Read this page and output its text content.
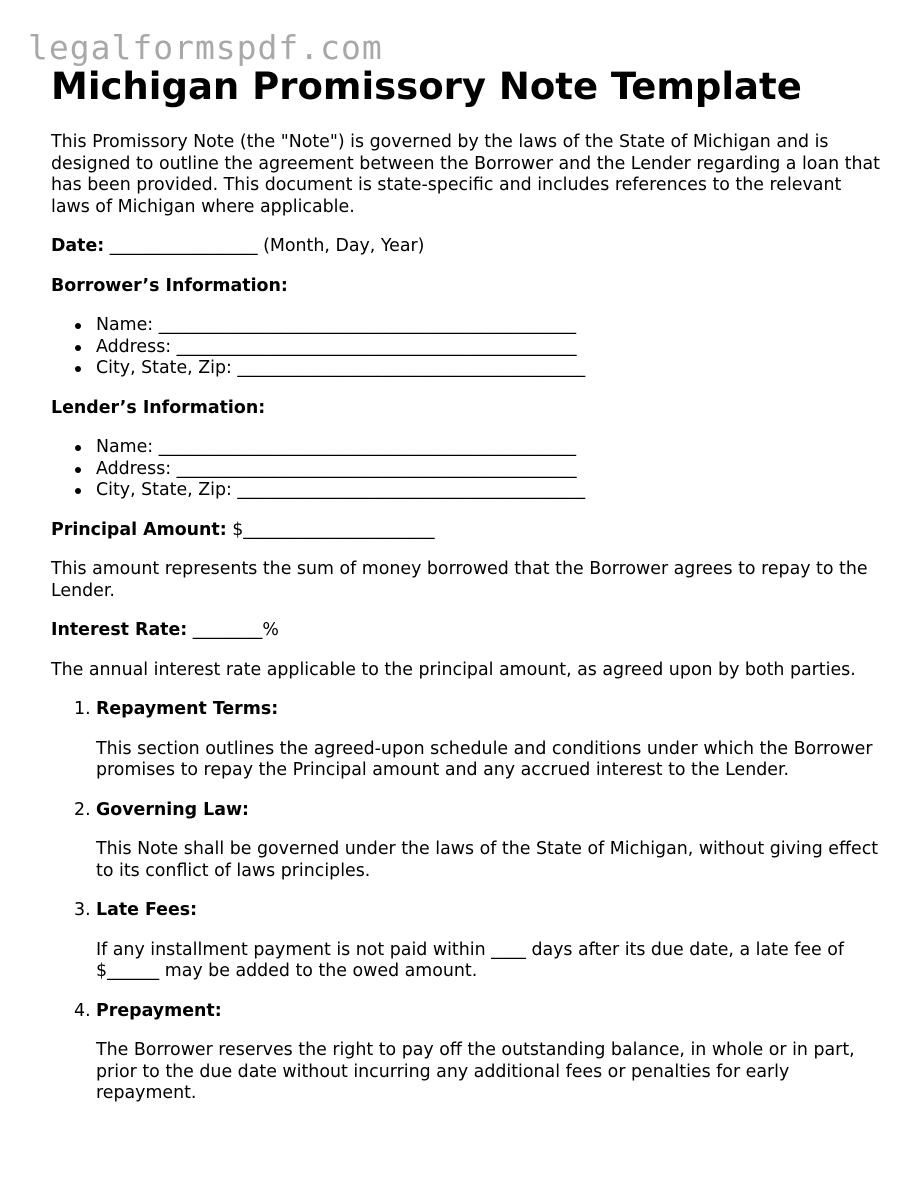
legalformspdf.com
Michigan Promissory Note Template

This Promissory Note (the "Note") is governed by the laws of the State of Michigan and is designed to outline the agreement between the Borrower and the Lender regarding a loan that has been provided. This document is state-specific and includes references to the relevant laws of Michigan where applicable.

Date: _________________ (Month, Day, Year)

Borrower’s Information:

Name: ________________________________________________
Address: ______________________________________________
City, State, Zip: ________________________________________

Lender’s Information:

Name: ________________________________________________
Address: ______________________________________________
City, State, Zip: ________________________________________

Principal Amount: $______________________

This amount represents the sum of money borrowed that the Borrower agrees to repay to the Lender.

Interest Rate: ________%

The annual interest rate applicable to the principal amount, as agreed upon by both parties.

1. Repayment Terms:
This section outlines the agreed-upon schedule and conditions under which the Borrower promises to repay the Principal amount and any accrued interest to the Lender.
2. Governing Law:
This Note shall be governed under the laws of the State of Michigan, without giving effect to its conflict of laws principles.
3. Late Fees:
If any installment payment is not paid within ____ days after its due date, a late fee of $______ may be added to the owed amount.
4. Prepayment:
The Borrower reserves the right to pay off the outstanding balance, in whole or in part, prior to the due date without incurring any additional fees or penalties for early repayment.
